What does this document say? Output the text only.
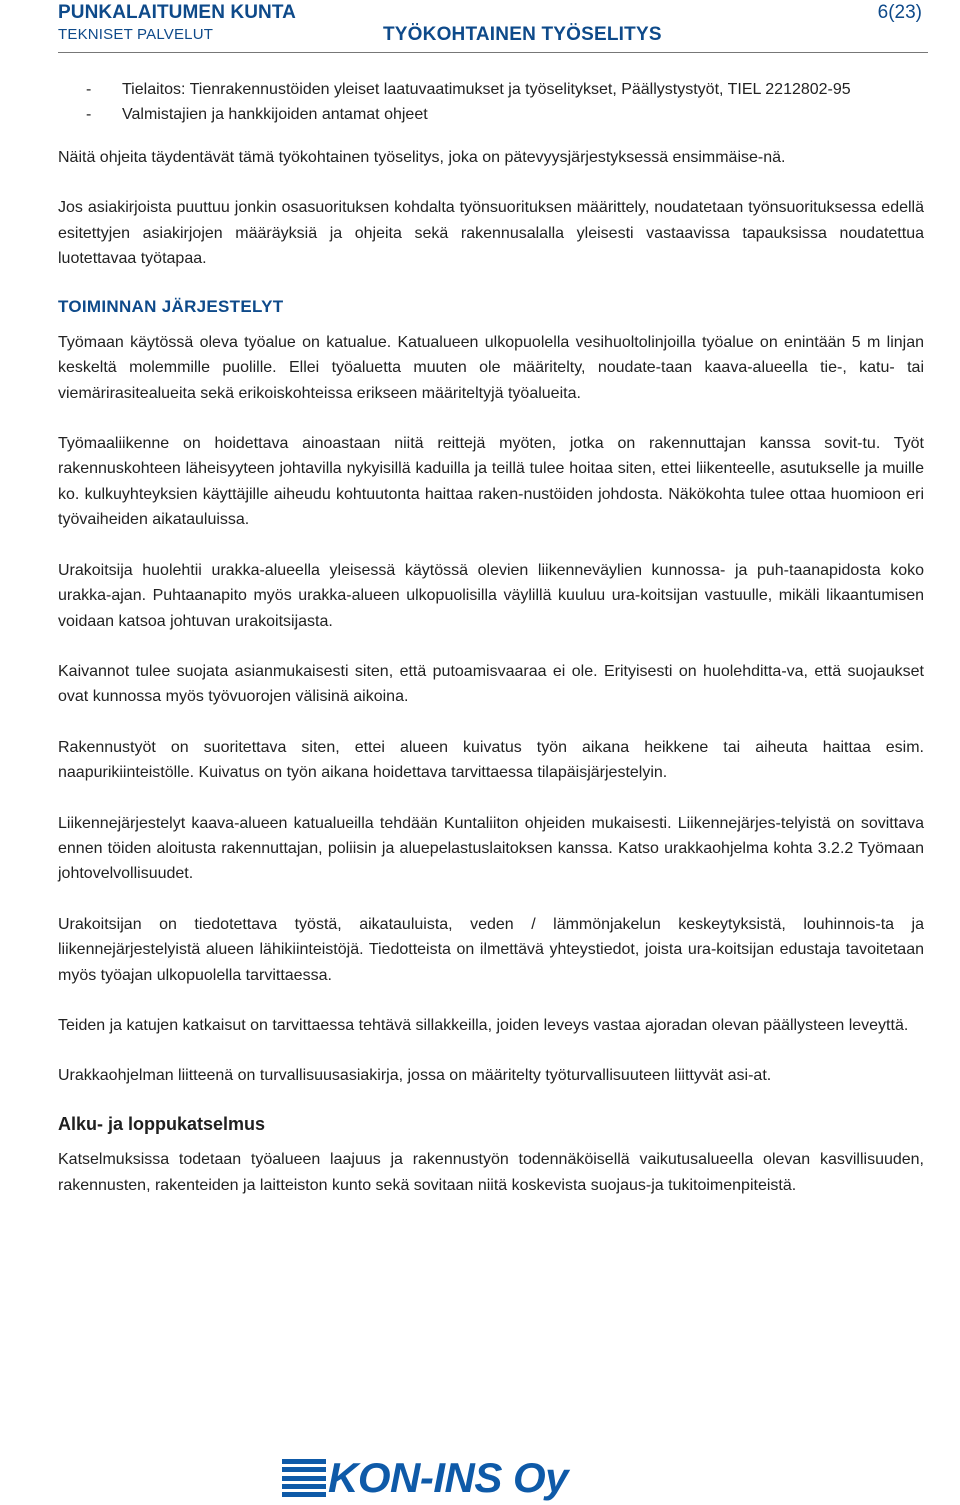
PUNKALAITUMEN KUNTA
TEKNISET PALVELUT	TYÖKOHTAINEN TYÖSELITYS
6(23)
- Tielaitos: Tienrakennustöiden yleiset laatuvaatimukset ja työselitykset, Päällystystyöt, TIEL 2212802-95
- Valmistajien ja hankkijoiden antamat ohjeet

Näitä ohjeita täydentävät tämä työkohtainen työselitys, joka on pätevyysjärjestyksessä ensimmäise-nä.

Jos asiakirjoista puuttuu jonkin osasuorituksen kohdalta työnsuorituksen määrittely, noudatetaan työnsuorituksessa edellä esitettyjen asiakirjojen määräyksiä ja ohjeita sekä rakennusalalla yleisesti vastaavissa tapauksissa noudatettua luotettavaa työtapaa.

TOIMINNAN JÄRJESTELYT

Työmaan käytössä oleva työalue on katualue. Katualueen ulkopuolella vesihuoltolinjoilla työalue on enintään 5 m linjan keskeltä molemmille puolille. Ellei työaluetta muuten ole määritelty, noudate-taan kaava-alueella tie-, katu- tai viemärirasitealueita sekä erikoiskohteissa erikseen määriteltyjä työalueita.

Työmaaliikenne on hoidettava ainoastaan niitä reittejä myöten, jotka on rakennuttajan kanssa sovit-tu. Työt rakennuskohteen läheisyyteen johtavilla nykyisillä kaduilla ja teillä tulee hoitaa siten, ettei liikenteelle, asutukselle ja muille ko. kulkuyhteyksien käyttäjille aiheudu kohtuutonta haittaa raken-nustöiden johdosta. Näkökohta tulee ottaa huomioon eri työvaiheiden aikatauluissa.

Urakoitsija huolehtii urakka-alueella yleisessä käytössä olevien liikenneväylien kunnossa- ja puh-taanapidosta koko urakka-ajan. Puhtaanapito myös urakka-alueen ulkopuolisilla väylillä kuuluu ura-koitsijan vastuulle, mikäli likaantumisen voidaan katsoa johtuvan urakoitsijasta.

Kaivannot tulee suojata asianmukaisesti siten, että putoamisvaaraa ei ole. Erityisesti on huolehditta-va, että suojaukset ovat kunnossa myös työvuorojen välisinä aikoina.

Rakennustyöt on suoritettava siten, ettei alueen kuivatus työn aikana heikkene tai aiheuta haittaa esim. naapurikiinteistölle. Kuivatus on työn aikana hoidettava tarvittaessa tilapäisjärjestelyin.

Liikennejärjestelyt kaava-alueen katualueilla tehdään Kuntaliiton ohjeiden mukaisesti. Liikennejärjes-telyistä on sovittava ennen töiden aloitusta rakennuttajan, poliisin ja aluepelastuslaitoksen kanssa. Katso urakkaohjelma kohta 3.2.2 Työmaan johtovelvollisuudet.

Urakoitsijan on tiedotettava työstä, aikatauluista, veden / lämmönjakelun keskeytyksistä, louhinnois-ta ja liikennejärjestelyistä alueen lähikiinteistöjä. Tiedotteista on ilmettävä yhteystiedot, joista ura-koitsijan edustaja tavoitetaan myös työajan ulkopuolella tarvittaessa.

Teiden ja katujen katkaisut on tarvittaessa tehtävä sillakkeilla, joiden leveys vastaa ajoradan olevan päällysteen leveyttä.

Urakkaohjelman liitteenä on turvallisuusasiakirja, jossa on määritelty työturvallisuuteen liittyvät asi-at.

Alku- ja loppukatselmus

Katselmuksissa todetaan työalueen laajuus ja rakennustyön todennäköisellä vaikutusalueella olevan kasvillisuuden, rakennusten, rakenteiden ja laitteiston kunto sekä sovitaan niitä koskevista suojaus-ja tukitoimenpiteistä.

KON-INS Oy
